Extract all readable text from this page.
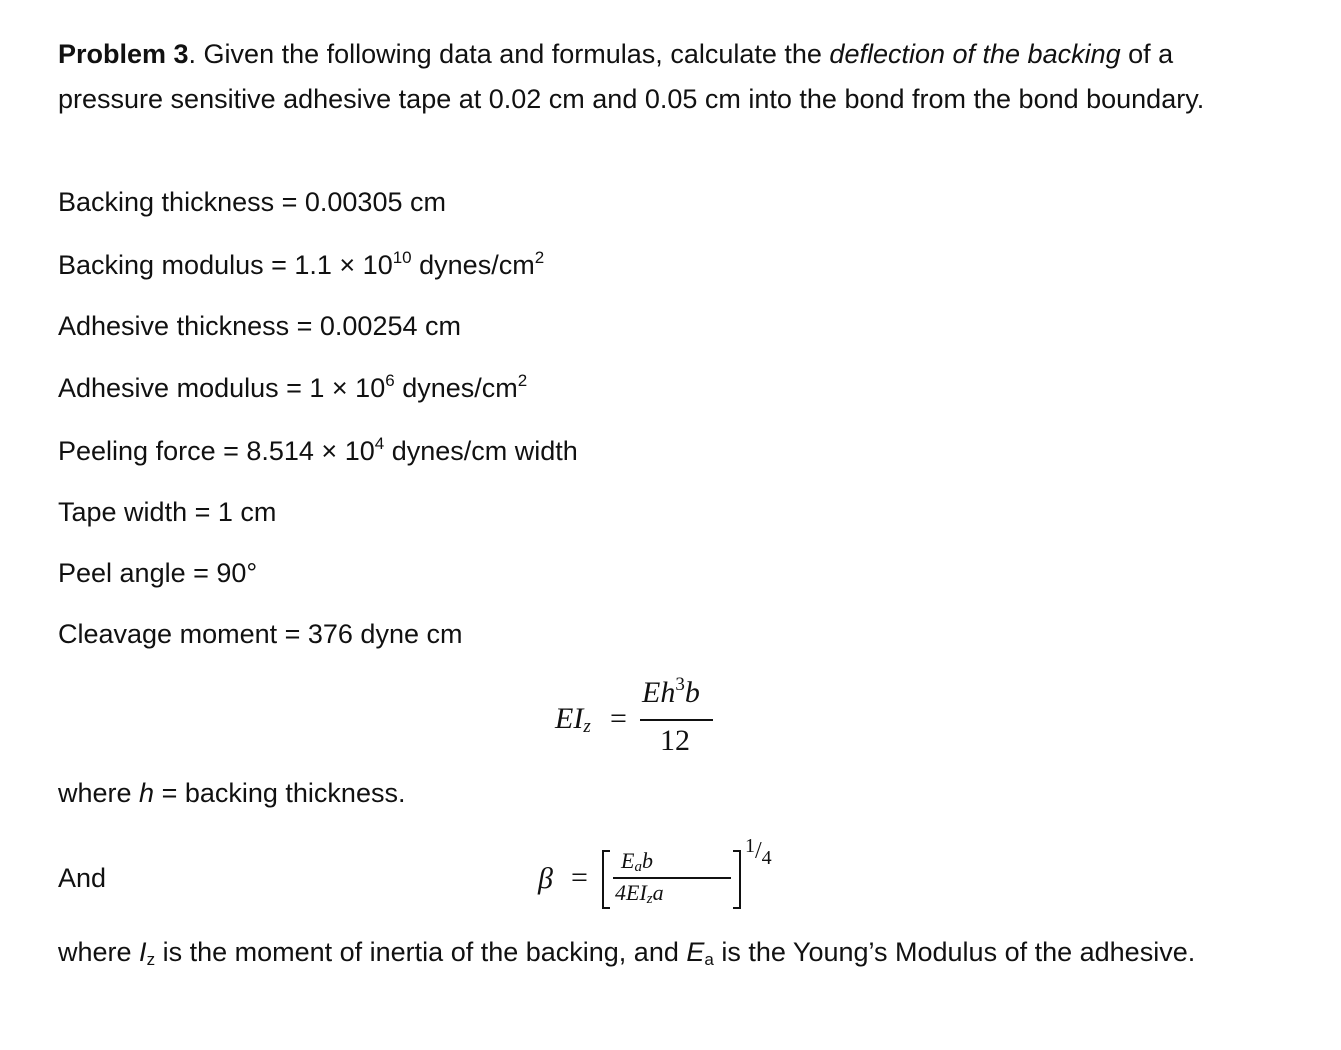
Problem 3. Given the following data and formulas, calculate the deflection of the backing of a pressure sensitive adhesive tape at 0.02 cm and 0.05 cm into the bond from the bond boundary.
Backing thickness = 0.00305 cm
Backing modulus = $1.1 \times 10^{10}$ dynes/$cm^2$
Adhesive thickness = 0.00254 cm
Adhesive modulus = $1 \times 10^6$ dynes/$cm^2$
Peeling force = $8.514 \times 10^4$ dynes/cm width
Tape width = 1 cm
Peel angle = 90°
Cleavage moment = 376 dyne cm
$EI_z$ =
$Eh^3b$
12
where h = backing thickness.
And	β =
$E_ab$
$4EI_za$
1/4
where $I_z$ is the moment of inertia of the backing, and $E_a$ is the Young’s Modulus of the adhesive.
